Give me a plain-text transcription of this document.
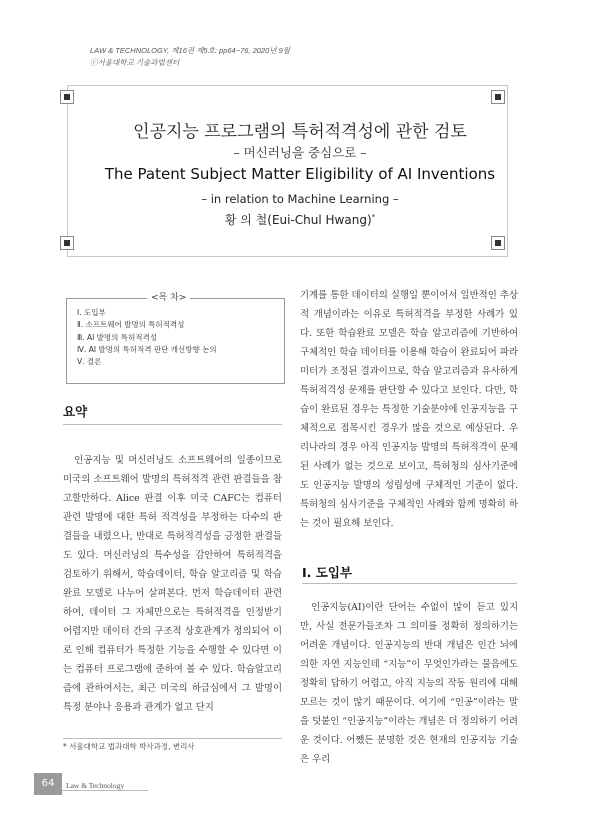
LAW & TECHNOLOGY, 제16권 제5호: pp64~76, 2020년 9월
ⓒ서울대학교 기술과법센터
인공지능 프로그램의 특허적격성에 관한 검토
– 머신러닝을 중심으로 –
The Patent Subject Matter Eligibility of AI Inventions
– in relation to Machine Learning –
황 의 철(Eui-Chul Hwang)*
Ⅰ. 도입부
Ⅱ. 소프트웨어 발명의 특허적격성
Ⅲ. AI 발명의 특허적격성
Ⅳ. AI 발명의 특허적격 판단 개선방향 논의
Ⅴ. 결론
<목 차>
요약

인공지능 및 머신러닝도 소프트웨어의 일종이므로 미국의 소프트웨어 발명의 특허적격 관련 판결들을 참고할만하다. Alice 판결 이후 미국 CAFC는 컴퓨터 관련 발명에 대한 특허 적격성을 부정하는 다수의 판결들을 내렸으나, 반대로 특허적격성을 긍정한 판결들도 있다. 머신러닝의 특수성을 감안하여 특허적격을 검토하기 위해서, 학습데이터, 학습 알고리즘 및 학습완료 모델로 나누어 살펴본다. 먼저 학습데이터 관련하여, 데이터 그 자체만으로는 특허적격을 인정받기 어렵지만 데이터 간의 구조적 상호관계가 정의되어 이로 인해 컴퓨터가 특정한 기능을 수행할 수 있다면 이는 컴퓨터 프로그램에 준하여 볼 수 있다. 학습알고리즘에 관하여서는, 최근 미국의 하급심에서 그 발명이 특정 분야나 응용과 관계가 없고 단지

기계를 통한 데이터의 실행일 뿐이어서 일반적인 추상적 개념이라는 이유로 특허적격을 부정한 사례가 있다. 또한 학습완료 모델은 학습 알고리즘에 기반하여 구체적인 학습 데이터를 이용해 학습이 완료되어 파라미터가 조정된 결과이므로, 학습 알고리즘과 유사하게 특허적격성 문제를 판단할 수 있다고 보인다. 다만, 학습이 완료된 경우는 특정한 기술분야에 인공지능을 구체적으로 접목시킨 경우가 많을 것으로 예상된다. 우리나라의 경우 아직 인공지능 발명의 특허적격이 문제된 사례가 없는 것으로 보이고, 특허청의 심사기준에도 인공지능 발명의 성립성에 구체적인 기준이 없다. 특허청의 심사기준을 구체적인 사례와 함께 명확히 하는 것이 필요해 보인다.

Ⅰ. 도입부

인공지능(AI)이란 단어는 수없이 많이 듣고 있지만, 사실 전문가들조차 그 의미를 정확히 정의하기는 어려운 개념이다. 인공지능의 반대 개념은 인간 뇌에 의한 자연 지능인데 “지능”이 무엇인가라는 물음에도 정확히 답하기 어렵고, 아직 지능의 작동 원리에 대해 모르는 것이 많기 때문이다. 여기에 “인공”이라는 말을 덧붙인 “인공지능”이라는 개념은 더 정의하기 어려운 것이다. 어쨌든 분명한 것은 현재의 인공지능 기술은 우리

* 서울대학교 법과대학 박사과정, 변리사
64	Law & Technology
